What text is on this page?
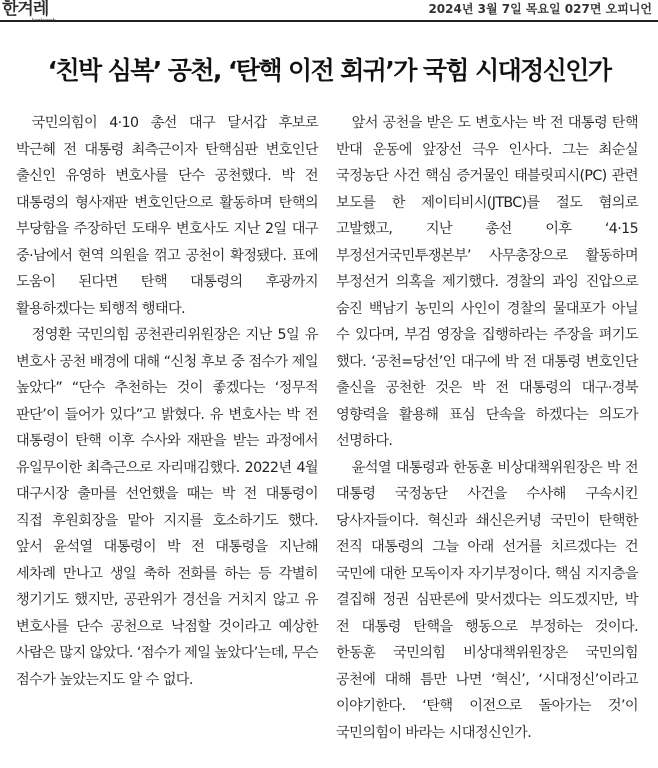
한겨레	2024년 3월 7일 목요일 027면 오피니언
‘친박 심복’ 공천, ‘탄핵 이전 회귀’가 국힘 시대정신인가

국민의힘이 4·10 총선 대구 달서갑 후보로 박근혜 전 대통령 최측근이자 탄핵심판 변호인단 출신인 유영하 변호사를 단수 공천했다. 박 전 대통령의 형사재판 변호인단으로 활동하며 탄핵의 부당함을 주장하던 도태우 변호사도 지난 2일 대구 중·남에서 현역 의원을 꺾고 공천이 확정됐다. 표에 도움이 된다면 탄핵 대통령의 후광까지 활용하겠다는 퇴행적 행태다.

정영환 국민의힘 공천관리위원장은 지난 5일 유 변호사 공천 배경에 대해 “신청 후보 중 점수가 제일 높았다” “단수 추천하는 것이 좋겠다는 ‘정무적 판단’이 들어가 있다”고 밝혔다. 유 변호사는 박 전 대통령이 탄핵 이후 수사와 재판을 받는 과정에서 유일무이한 최측근으로 자리매김했다. 2022년 4월 대구시장 출마를 선언했을 때는 박 전 대통령이 직접 후원회장을 맡아 지지를 호소하기도 했다. 앞서 윤석열 대통령이 박 전 대통령을 지난해 세차례 만나고 생일 축하 전화를 하는 등 각별히 챙기기도 했지만, 공관위가 경선을 거치지 않고 유 변호사를 단수 공천으로 낙점할 것이라고 예상한 사람은 많지 않았다. ‘점수가 제일 높았다’는데, 무슨 점수가 높았는지도 알 수 없다.

앞서 공천을 받은 도 변호사는 박 전 대통령 탄핵 반대 운동에 앞장선 극우 인사다. 그는 최순실 국정농단 사건 핵심 증거물인 태블릿피시(PC) 관련 보도를 한 제이티비시(JTBC)를 절도 혐의로 고발했고, 지난 총선 이후 ‘4·15 부정선거국민투쟁본부’ 사무총장으로 활동하며 부정선거 의혹을 제기했다. 경찰의 과잉 진압으로 숨진 백남기 농민의 사인이 경찰의 물대포가 아닐 수 있다며, 부검 영장을 집행하라는 주장을 펴기도 했다. ‘공천=당선’인 대구에 박 전 대통령 변호인단 출신을 공천한 것은 박 전 대통령의 대구·경북 영향력을 활용해 표심 단속을 하겠다는 의도가 선명하다.

윤석열 대통령과 한동훈 비상대책위원장은 박 전 대통령 국정농단 사건을 수사해 구속시킨 당사자들이다. 혁신과 쇄신은커녕 국민이 탄핵한 전직 대통령의 그늘 아래 선거를 치르겠다는 건 국민에 대한 모독이자 자기부정이다. 핵심 지지층을 결집해 정권 심판론에 맞서겠다는 의도겠지만, 박 전 대통령 탄핵을 행동으로 부정하는 것이다. 한동훈 국민의힘 비상대책위원장은 국민의힘 공천에 대해 틈만 나면 ‘혁신’, ‘시대정신’이라고 이야기한다. ‘탄핵 이전으로 돌아가는 것’이 국민의힘이 바라는 시대정신인가.
